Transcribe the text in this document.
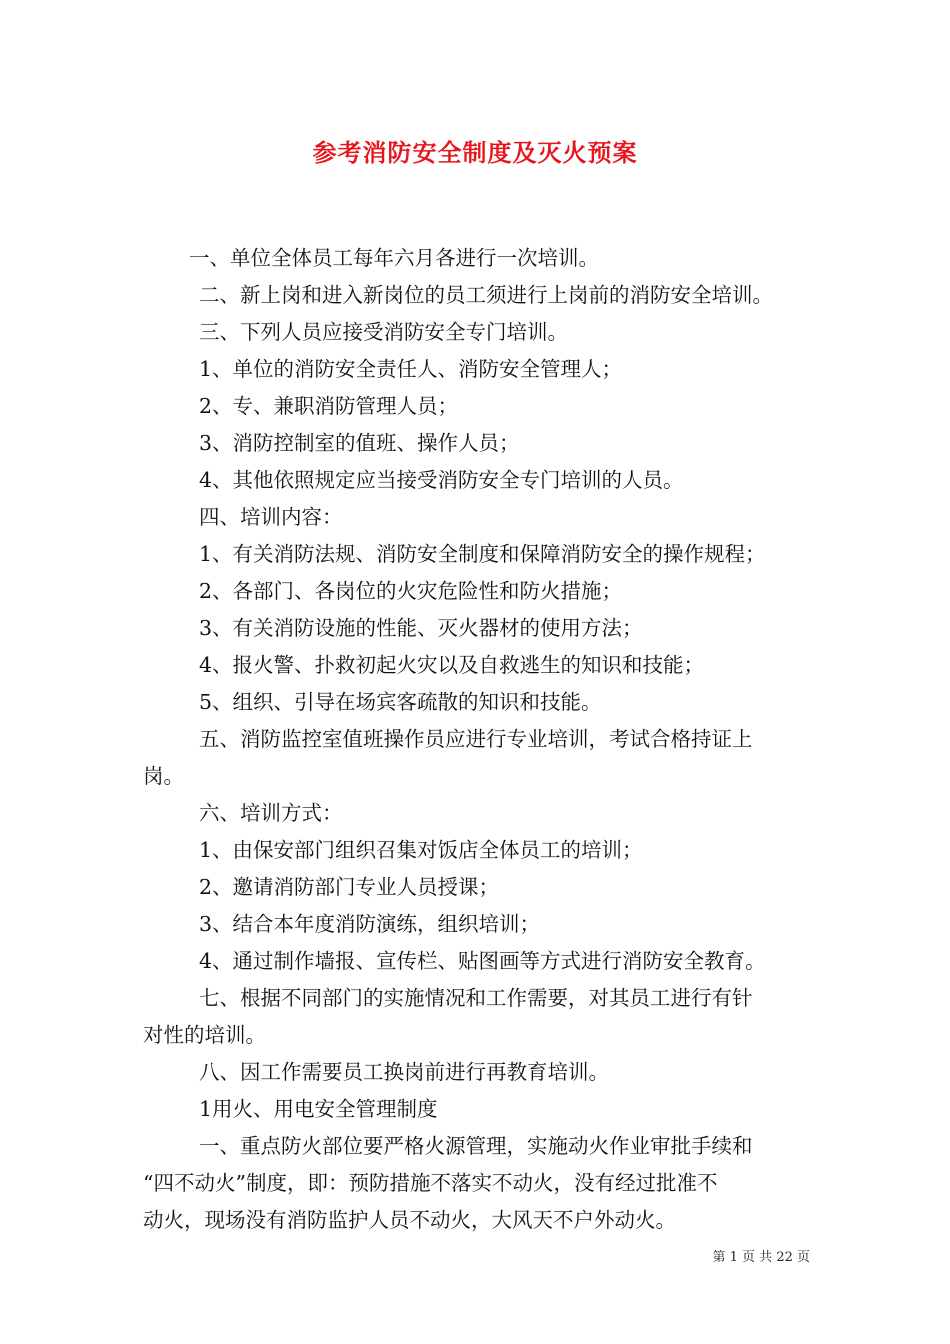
参考消防安全制度及灭火预案
一、单位全体员工每年六月各进行一次培训。
二、新上岗和进入新岗位的员工须进行上岗前的消防安全培训。
三、下列人员应接受消防安全专门培训。
1、单位的消防安全责任人、消防安全管理人；
2、专、兼职消防管理人员；
3、消防控制室的值班、操作人员；
4、其他依照规定应当接受消防安全专门培训的人员。
四、培训内容：
1、有关消防法规、消防安全制度和保障消防安全的操作规程；
2、各部门、各岗位的火灾危险性和防火措施；
3、有关消防设施的性能、灭火器材的使用方法；
4、报火警、扑救初起火灾以及自救逃生的知识和技能；
5、组织、引导在场宾客疏散的知识和技能。
五、消防监控室值班操作员应进行专业培训，考试合格持证上
岗。
六、培训方式：
1、由保安部门组织召集对饭店全体员工的培训；
2、邀请消防部门专业人员授课；
3、结合本年度消防演练，组织培训；
4、通过制作墙报、宣传栏、贴图画等方式进行消防安全教育。
七、根据不同部门的实施情况和工作需要，对其员工进行有针
对性的培训。
八、因工作需要员工换岗前进行再教育培训。
1用火、用电安全管理制度
一、重点防火部位要严格火源管理，实施动火作业审批手续和
“四不动火”制度，即：预防措施不落实不动火，没有经过批准不
动火，现场没有消防监护人员不动火，大风天不户外动火。
第 1 页 共 22 页
